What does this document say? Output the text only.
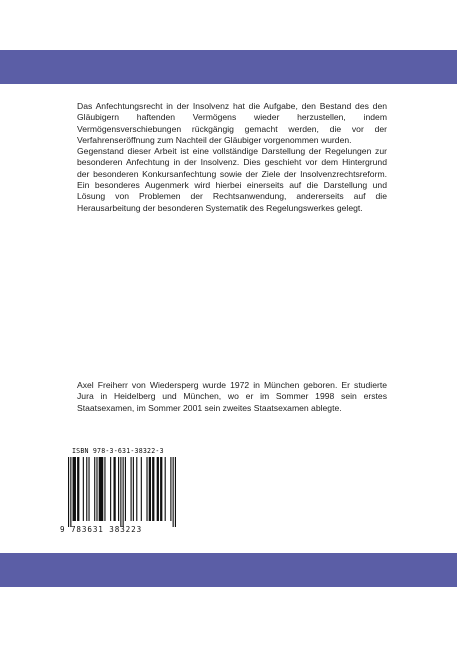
Das Anfechtungsrecht in der Insolvenz hat die Aufgabe, den Bestand des den Gläubigern haftenden Vermögens wieder herzustellen, indem Vermögensverschiebungen rückgängig gemacht werden, die vor der Verfahrenseröffnung zum Nachteil der Gläubiger vorgenommen wurden.

Gegenstand dieser Arbeit ist eine vollständige Darstellung der Regelungen zur besonderen Anfechtung in der Insolvenz. Dies geschieht vor dem Hintergrund der besonderen Konkursanfechtung sowie der Ziele der Insolvenzrechtsreform. Ein besonderes Augenmerk wird hierbei einerseits auf die Darstellung und Lösung von Problemen der Rechtsanwendung, andererseits auf die Herausarbeitung der besonderen Systematik des Regelungswerkes gelegt.

Axel Freiherr von Wiedersperg wurde 1972 in München geboren. Er studierte Jura in Heidelberg und München, wo er im Sommer 1998 sein erstes Staatsexamen, im Sommer 2001 sein zweites Staatsexamen ablegte.

ISBN 978-3-631-38322-3
9 783631 383223
